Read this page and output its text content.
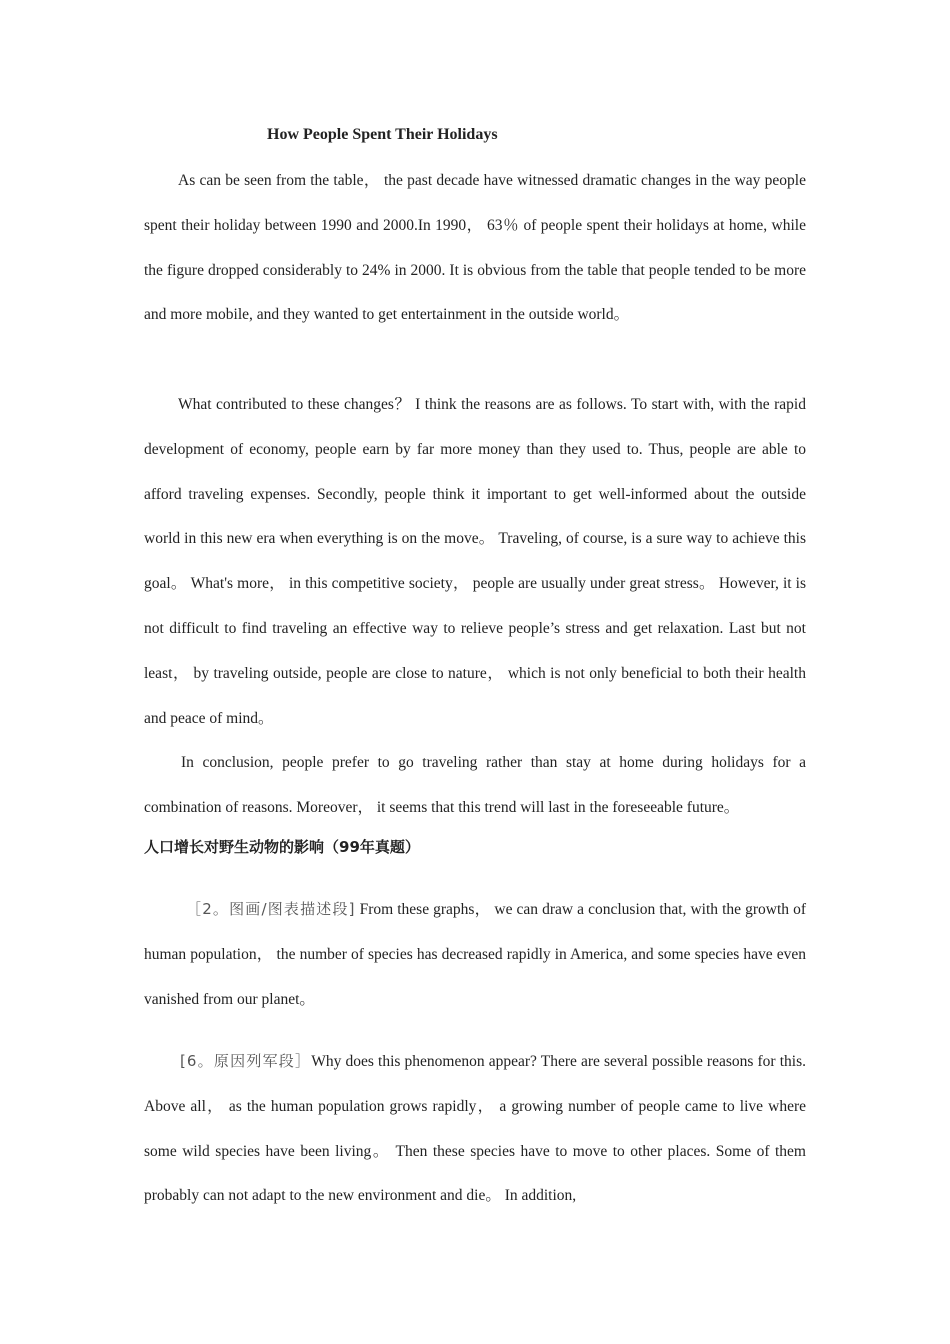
How People Spent Their Holidays

As can be seen from the table， the past decade have witnessed dramatic changes in the way people spent their holiday between 1990 and 2000.In 1990， 63％ of people spent their holidays at home, while the figure dropped considerably to 24% in 2000. It is obvious from the table that people tended to be more and more mobile, and they wanted to get entertainment in the outside world。

What contributed to these changes？ I think the reasons are as follows. To start with, with the rapid development of economy, people earn by far more money than they used to. Thus, people are able to afford traveling expenses. Secondly, people think it important to get well-informed about the outside world in this new era when everything is on the move。 Traveling, of course, is a sure way to achieve this goal。 What's more， in this competitive society， people are usually under great stress。 However, it is not difficult to find traveling an effective way to relieve people’s stress and get relaxation. Last but not least， by traveling outside, people are close to nature， which is not only beneficial to both their health and peace of mind。

In conclusion, people prefer to go traveling rather than stay at home during holidays for a combination of reasons. Moreover， it seems that this trend will last in the foreseeable future。

人口增长对野生动物的影响（99年真题）

［2。图画/图表描述段] From these graphs， we can draw a conclusion that, with the growth of human population， the number of species has decreased rapidly in America, and some species have even vanished from our planet。

[6。原因列军段］Why does this phenomenon appear? There are several possible reasons for this. Above all， as the human population grows rapidly， a growing number of people came to live where some wild species have been living。 Then these species have to move to other places. Some of them probably can not adapt to the new environment and die。 In addition,
